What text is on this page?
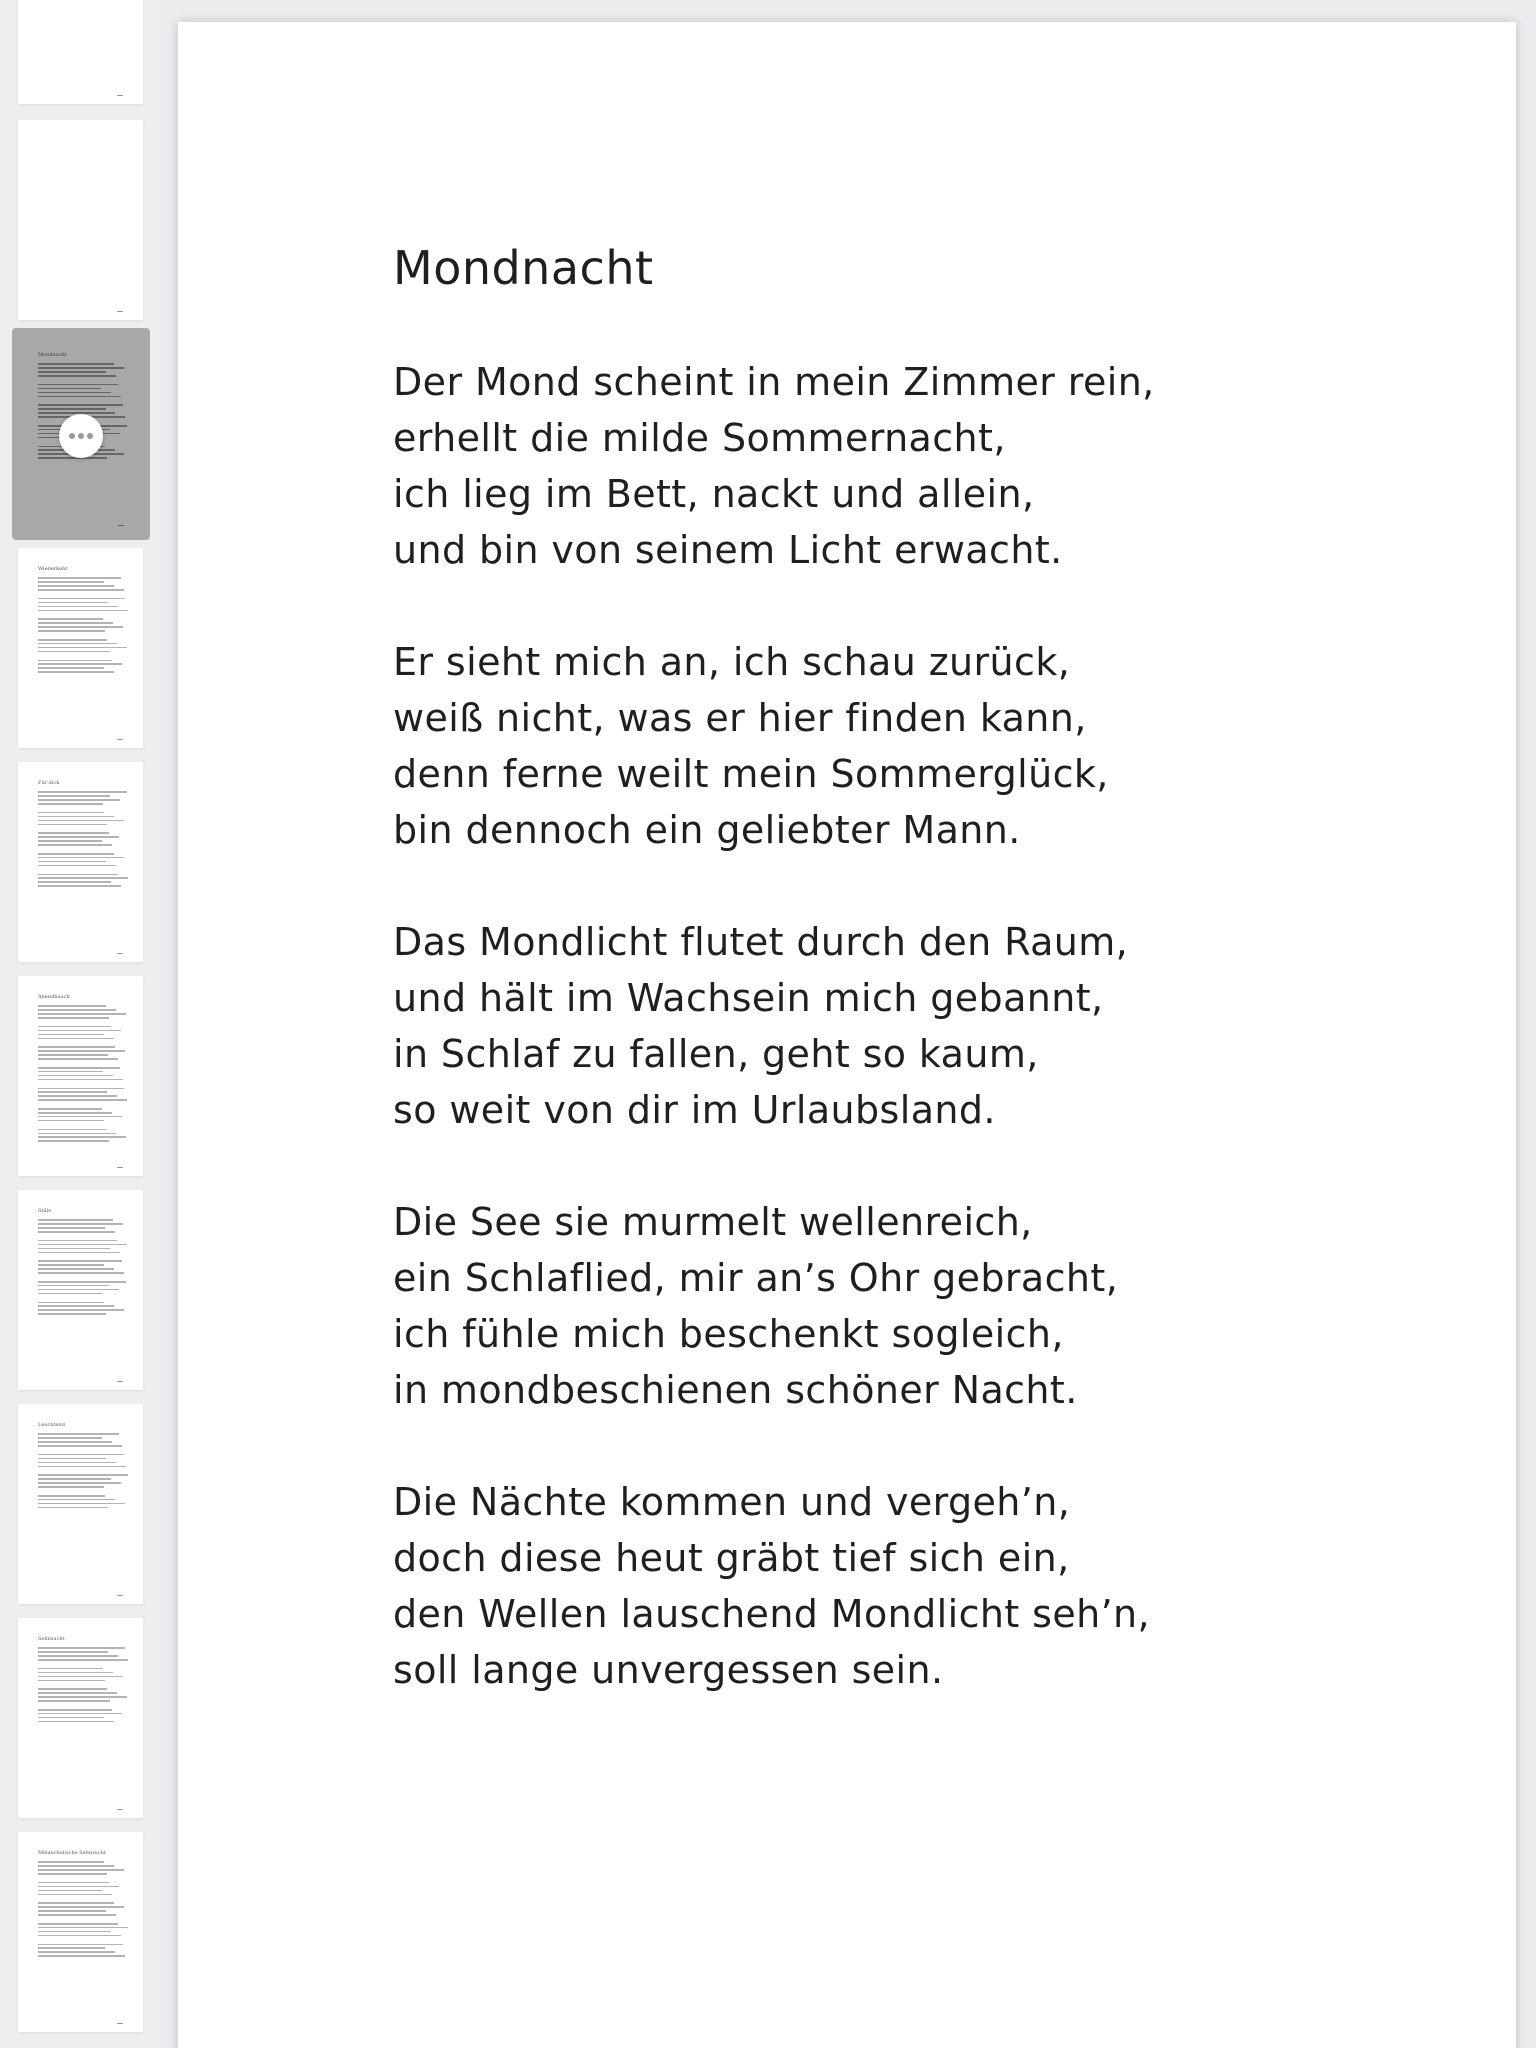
Mondnacht
Wiederkehr
Für dich
Abendhauch
Stille
Leuchtend
Sehnsucht
Melancholische Sehnsucht
Mondnacht
Der Mond scheint in mein Zimmer rein,
erhellt die milde Sommernacht,
ich lieg im Bett, nackt und allein,
und bin von seinem Licht erwacht.
Er sieht mich an, ich schau zurück,
weiß nicht, was er hier finden kann,
denn ferne weilt mein Sommerglück,
bin dennoch ein geliebter Mann.
Das Mondlicht flutet durch den Raum,
und hält im Wachsein mich gebannt,
in Schlaf zu fallen, geht so kaum,
so weit von dir im Urlaubsland.
Die See sie murmelt wellenreich,
ein Schlaflied, mir an’s Ohr gebracht,
ich fühle mich beschenkt sogleich,
in mondbeschienen schöner Nacht.
Die Nächte kommen und vergeh’n,
doch diese heut gräbt tief sich ein,
den Wellen lauschend Mondlicht seh’n,
soll lange unvergessen sein.
